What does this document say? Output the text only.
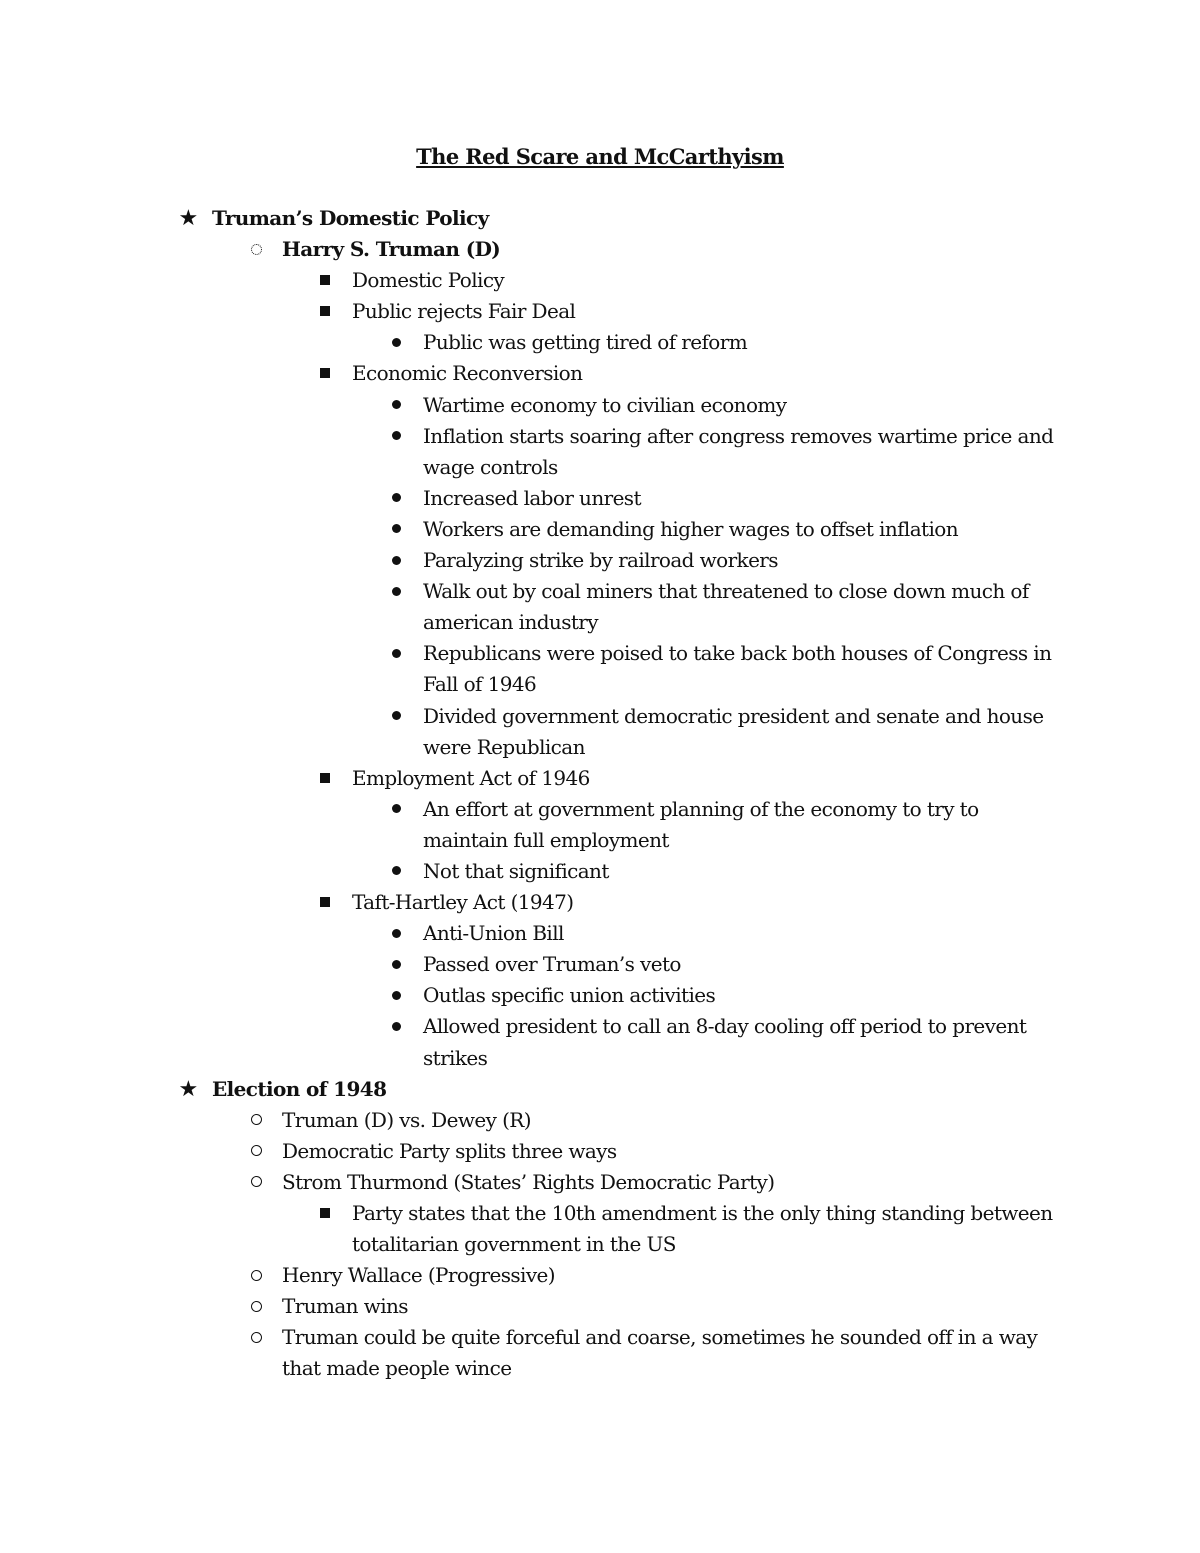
The Red Scare and McCarthyism
★ Truman’s Domestic Policy
Harry S. Truman (D)
Domestic Policy
Public rejects Fair Deal
Public was getting tired of reform
Economic Reconversion
Wartime economy to civilian economy
Inflation starts soaring after congress removes wartime price and
wage controls
Increased labor unrest
Workers are demanding higher wages to offset inflation
Paralyzing strike by railroad workers
Walk out by coal miners that threatened to close down much of
american industry
Republicans were poised to take back both houses of Congress in
Fall of 1946
Divided government democratic president and senate and house
were Republican
Employment Act of 1946
An effort at government planning of the economy to try to
maintain full employment
Not that significant
Taft-Hartley Act (1947)
Anti-Union Bill
Passed over Truman’s veto
Outlas specific union activities
Allowed president to call an 8-day cooling off period to prevent
strikes
★ Election of 1948
Truman (D) vs. Dewey (R)
Democratic Party splits three ways
Strom Thurmond (States’ Rights Democratic Party)
Party states that the 10th amendment is the only thing standing between
totalitarian government in the US
Henry Wallace (Progressive)
Truman wins
Truman could be quite forceful and coarse, sometimes he sounded off in a way
that made people wince
